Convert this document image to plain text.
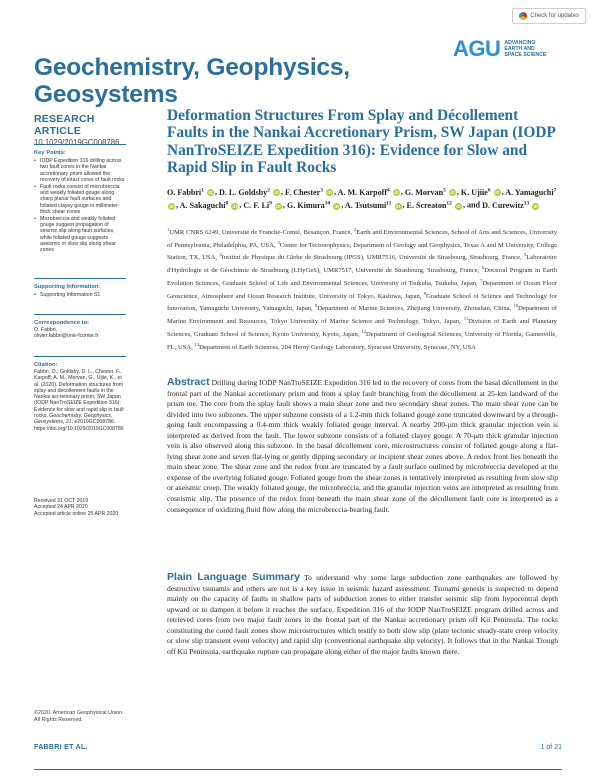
Check for updates
Geochemistry, Geophysics,
Geosystems
AGU ADVANCING
EARTH AND
SPACE SCIENCE
RESEARCH ARTICLE
10.1029/2019GC008786
Key Points:
• IODP Expedition 316 drilling across two fault zones in the Nankai accretionary prism allowed the recovery of intact cores of fault rocks
• Fault rocks consist of microbreccia and weakly foliated gouge along sharp planar fault surfaces and foliated clayey gouge in millimeter-thick shear zones
• Microbreccia and weakly foliated gouge suggest propagation of seismic slip along fault surfaces, while foliated gouge suggests aseismic or slow slip along shear zones
Supporting Information:
• Supporting Information S1
Correspondence to:
O. Fabbri,
olivier.fabbri@univ-fcomte.fr
Citation:
Fabbri, O., Goldsby, D. L., Chester, F., Karpoff, A. M., Morvan, G., Ujiie, K., et al. (2020). Deformation structures from splay and décollement faults in the Nankai accretionary prism, SW Japan (IODP NanTroSEIZE Expedition 316): Evidence for slow and rapid slip in fault rocks. Geochemistry, Geophysics, Geosystems, 21, e2019GC008786. https://doi.org/10.1029/2019GC008786
Received 31 OCT 2019
Accepted 24 APR 2020
Accepted article online 25 APR 2020
©2020. American Geophysical Union.
All Rights Reserved.
Deformation Structures From Splay and Décollement Faults in the Nankai Accretionary Prism, SW Japan (IODP NanTroSEIZE Expedition 316): Evidence for Slow and Rapid Slip in Fault Rocks
O. Fabbri$^1$ iD , D. L. Goldsby$^2$ iD , F. Chester$^3$ iD , A. M. Karpoff$^4$ iD , G. Morvan$^5$ iD , K. Ujiie$^6$ iD , A. Yamaguchi$^7$ iD , A. Sakaguchi$^8$ iD , C. F. Li$^9$ iD , G. Kimura$^{10}$ iD , A. Tsutsumi$^{11}$ iD , E. Screaton$^{12}$ iD , and D. Curewitz$^{13}$ iD
$^1$UMR CNRS 6249, Université de Franche-Comté, Besançon, France, $^2$Earth and Environmental Sciences, School of Arts and Sciences, University of Pennsylvania, Philadelphia, PA, USA, $^3$Center for Tectonophysics, Department of Geology and Geophysics, Texas A and M University, College Station, TX, USA, $^4$Institut de Physique du Globe de Strasbourg (IPGS), UMR7516, Université de Strasbourg, Strasbourg, France, $^5$Laboratoire d'Hydrologie et de Géochimie de Strasbourg (LHyGeS), UMR7517, Université de Strasbourg, Strasbourg, France, $^6$Doctoral Program in Earth Evolution Sciences, Graduate School of Life and Environmental Sciences, University of Tsukuba, Tsukuba, Japan, $^7$Department of Ocean Floor Geoscience, Atmosphere and Ocean Research Institute, University of Tokyo, Kashiwa, Japan, $^8$Graduate School of Science and Technology for Innovation, Yamaguchi University, Yamaguchi, Japan, $^9$Department of Marine Sciences, Zhejiang University, Zhoushan, China, $^{10}$Department of Marine Environment and Resources, Tokyo University of Marine Science and Technology, Tokyo, Japan, $^{11}$Division of Earth and Planetary Sciences, Graduate School of Science, Kyoto University, Kyoto, Japan, $^{12}$Department of Geological Sciences, University of Florida, Gainesville, FL, USA, $^{13}$Department of Earth Sciences, 204 Heroy Geology Laboratory, Syracuse University, Syracuse, NY, USA
Abstract Drilling during IODP NanTroSEIZE Expedition 316 led to the recovery of cores from the basal décollement in the frontal part of the Nankai accretionary prism and from a splay fault branching from the décollement at 25-km landward of the prism toe. The core from the splay fault shows a main shear zone and two secondary shear zones. The main shear zone can be divided into two subzones. The upper subzone consists of a 1.2-mm thick foliated gouge zone truncated downward by a through-going fault encompassing a 0.4-mm thick weakly foliated gouge interval. A nearby 200-µm thick granular injection vein is interpreted as derived from the fault. The lower subzone consists of a foliated clayey gouge. A 70-µm thick granular injection vein is also observed along this subzone. In the basal décollement core, microstructures consist of foliated gouge along a flat-lying shear zone and seven flat-lying or gently dipping secondary or incipient shear zones above. A redox front lies beneath the main shear zone. The shear zone and the redox front are truncated by a fault surface outlined by microbreccia developed at the expense of the overlying foliated gouge. Foliated gouge from the shear zones is tentatively interpreted as resulting from slow slip or aseismic creep. The weakly foliated gouge, the microbreccia, and the granular injection veins are interpreted as resulting from coseismic slip. The presence of the redox front beneath the main shear zone of the décollement fault core is interpreted as a consequence of oxidizing fluid flow along the microbreccia-bearing fault.
Plain Language Summary To understand why some large subduction zone earthquakes are followed by destructive tsunamis and others are not is a key issue in seismic hazard assessment. Tsunami genesis is suspected to depend mainly on the capacity of faults in shallow parts of subduction zones to either transfer seismic slip from hypocentral depth upward or to dampen it before it reaches the surface. Expedition 316 of the IODP NanTroSEIZE program drilled across and retrieved cores from two major fault zones in the frontal part of the Nankai accretionary prism off Kii Peninsula. The rocks constituting the cored fault zones show microstructures which testify to both slow slip (plate tectonic steady-state creep velocity or slow slip transient event velocity) and rapid slip (conventional earthquake slip velocity). It follows that in the Nankai Trough off Kii Peninsula, earthquake rupture can propagate along either of the major faults known there.
FABBRI ET AL.	1 of 21
